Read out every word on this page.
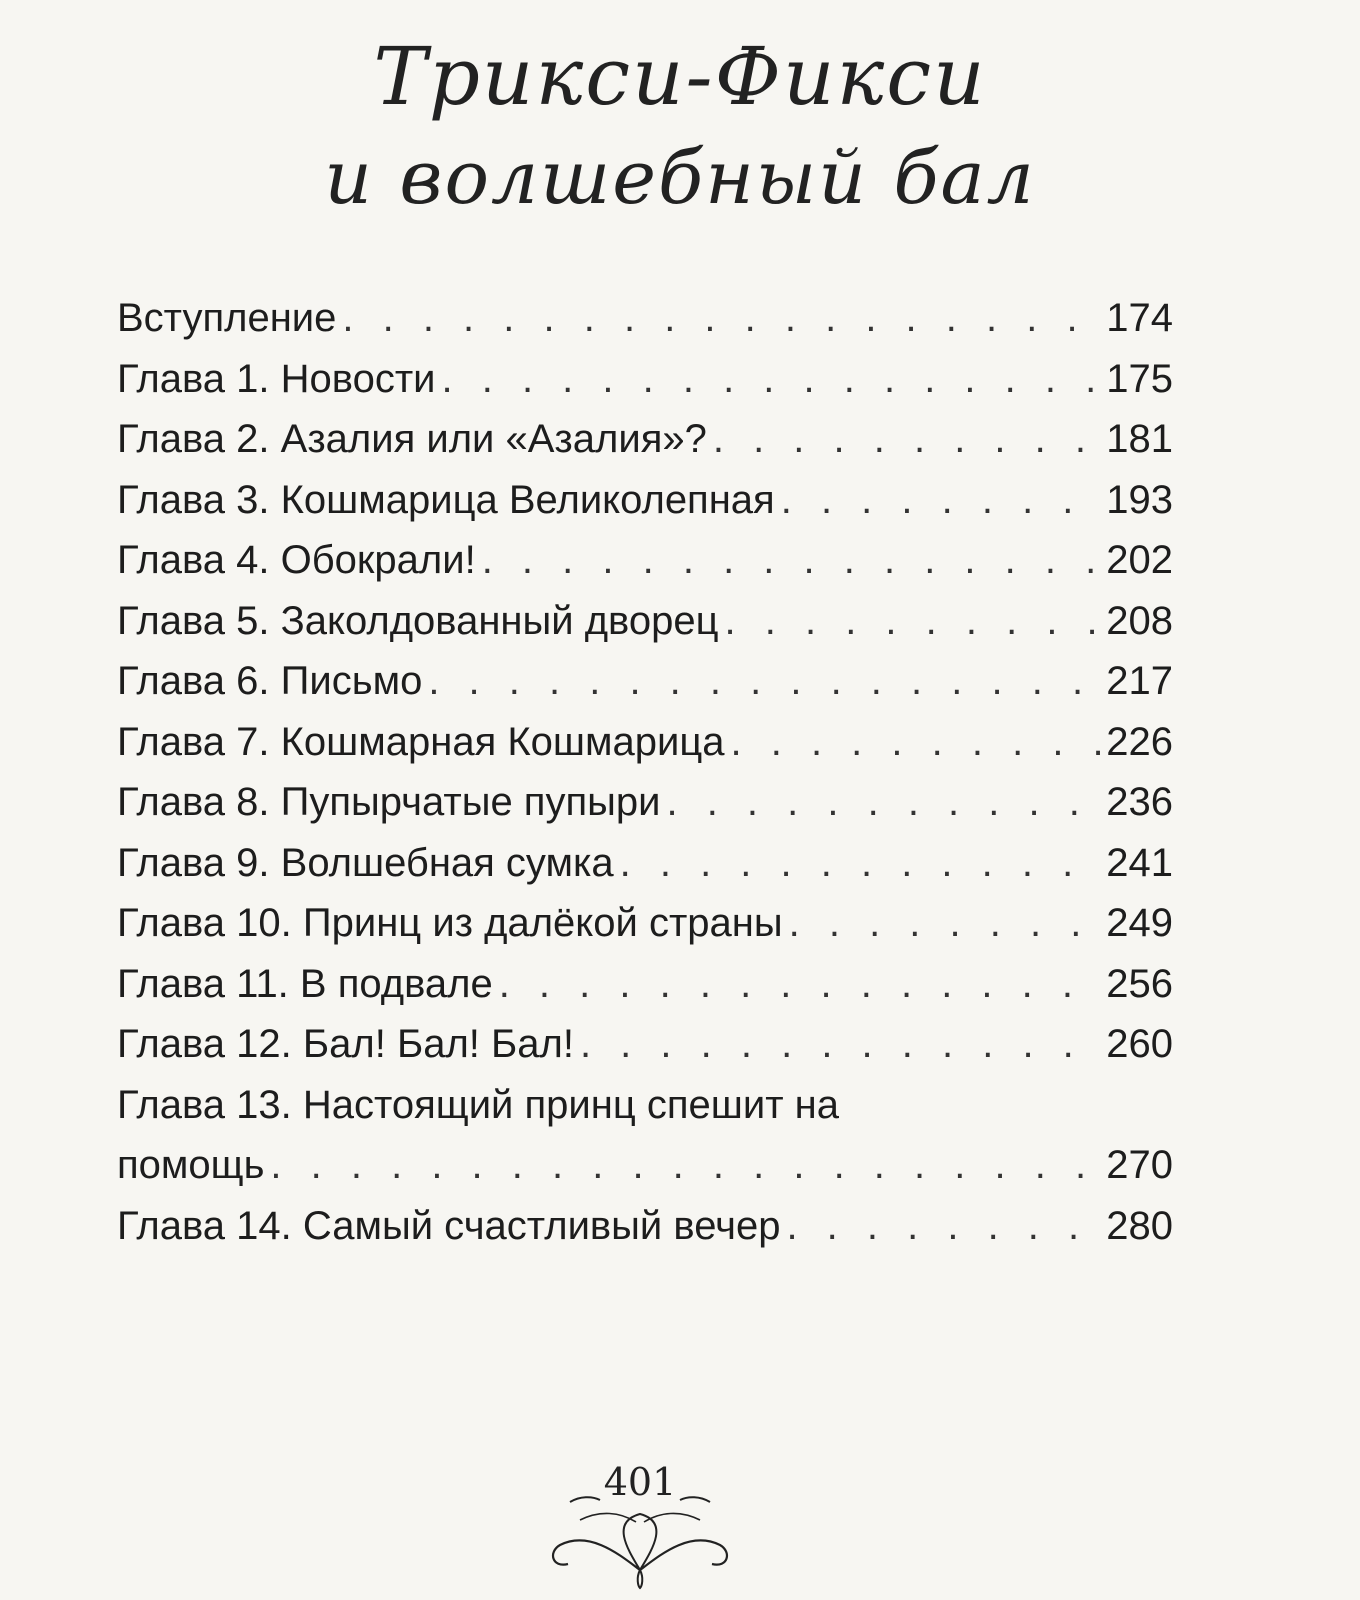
Трикси-Фикси
и волшебный бал
Вступление . . .	174
Глава 1. Новости . . .	175
Глава 2. Азалия или «Азалия»? . . .	181
Глава 3. Кошмарица Великолепная . . .	193
Глава 4. Обокрали! . . .	202
Глава 5. Заколдованный дворец . . .	208
Глава 6. Письмо . . .	217
Глава 7. Кошмарная Кошмарица . . .	226
Глава 8. Пупырчатые пупыри . . .	236
Глава 9. Волшебная сумка . . .	241
Глава 10. Принц из далёкой страны . . .	249
Глава 11. В подвале . . .	256
Глава 12. Бал! Бал! Бал! . . .	260
Глава 13. Настоящий принц спешит на
помощь . . .	270
Глава 14. Самый счастливый вечер . . .	280
401
